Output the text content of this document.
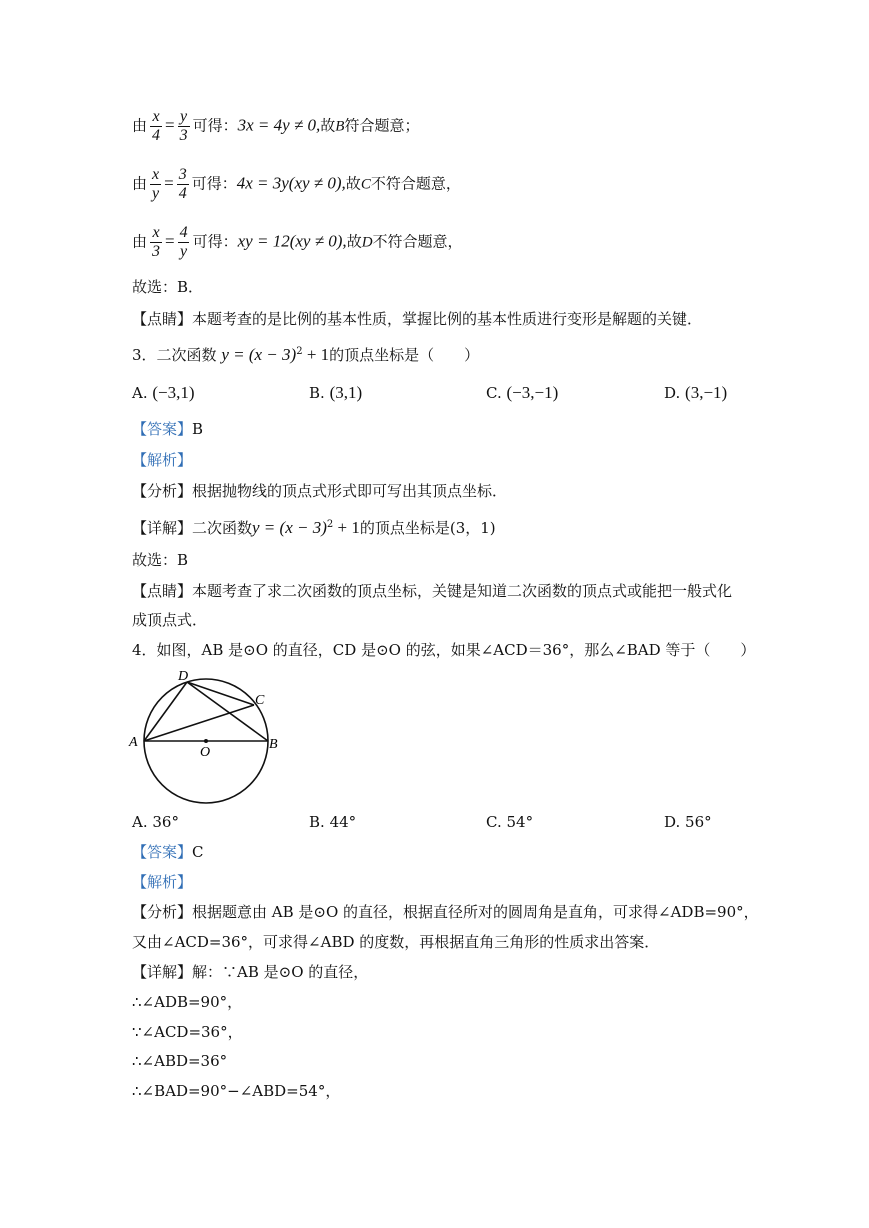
由 $\frac{x}{4} = \frac{y}{3}$ 可得：3x = 4y ≠ 0,故B符合题意；
由 $\frac{x}{y} = \frac{3}{4}$ 可得：4x = 3y(xy ≠ 0),故C不符合题意，
由 $\frac{x}{3} = \frac{4}{y}$ 可得：xy = 12(xy ≠ 0),故D不符合题意，
故选：B．
【点睛】本题考查的是比例的基本性质，掌握比例的基本性质进行变形是解题的关键．
3．二次函数 $y = (x - 3)^2 + 1$的顶点坐标是（　　）
A. (−3,1)	B. (3,1)	C. (−3,−1)	D. (3,−1)
【答案】B
【解析】
【分析】根据抛物线的顶点式形式即可写出其顶点坐标．
【详解】二次函数$y = (x - 3)^2 + 1$的顶点坐标是(3，1)
故选：B
【点睛】本题考查了求二次函数的顶点坐标，关键是知道二次函数的顶点式或能把一般式化
成顶点式．
4．如图，AB 是⊙O 的直径，CD 是⊙O 的弦，如果∠ACD＝36°，那么∠BAD 等于（　　）
A	B
C
D
O
A. 36°	B. 44°	C. 54°	D. 56°
【答案】C
【解析】
【分析】根据题意由 AB 是⊙O 的直径，根据直径所对的圆周角是直角，可求得∠ADB=90°，
又由∠ACD=36°，可求得∠ABD 的度数，再根据直角三角形的性质求出答案．
【详解】解：∵AB 是⊙O 的直径，
∴∠ADB=90°，
∵∠ACD=36°，
∴∠ABD=36°
∴∠BAD=90°−∠ABD=54°，
